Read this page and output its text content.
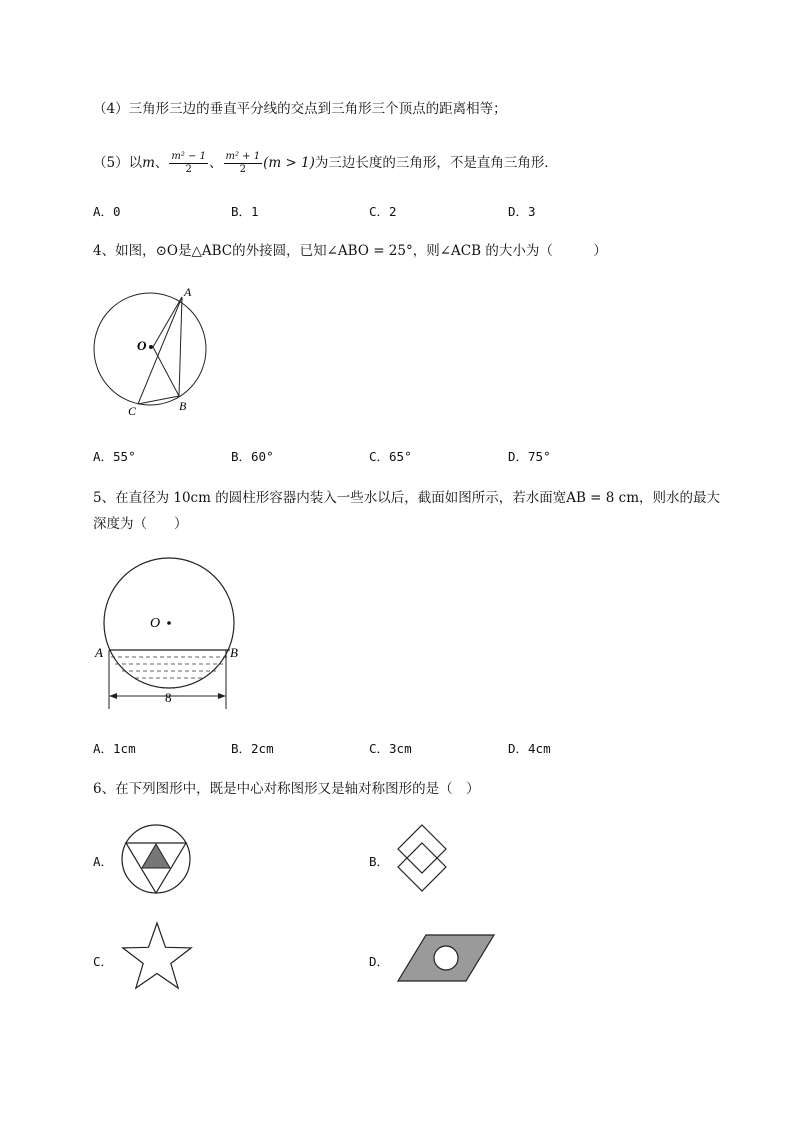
（4）三角形三边的垂直平分线的交点到三角形三个顶点的距离相等；
（5）以m、 $\frac{\text{m² − 1}}{2}$ 、 $\frac{\text{m² + 1}}{2} (m > 1)$为三边长度的三角形，不是直角三角形．
A．0	B．1	C．2	D．3
4、如图，⊙O是△ABC的外接圆，已知∠ABO = 25°，则∠ACB 的大小为（　　　）
A
O
B
C
A．55°	B．60°	C．65°	D．75°
5、在直径为 10cm 的圆柱形容器内装入一些水以后，截面如图所示，若水面宽AB = 8 cm，则水的最大
深度为（　　）
O
A	B
8
A．1cm	B．2cm	C．3cm	D．4cm
6、在下列图形中，既是中心对称图形又是轴对称图形的是（　）
A．	B．
C．	D．
